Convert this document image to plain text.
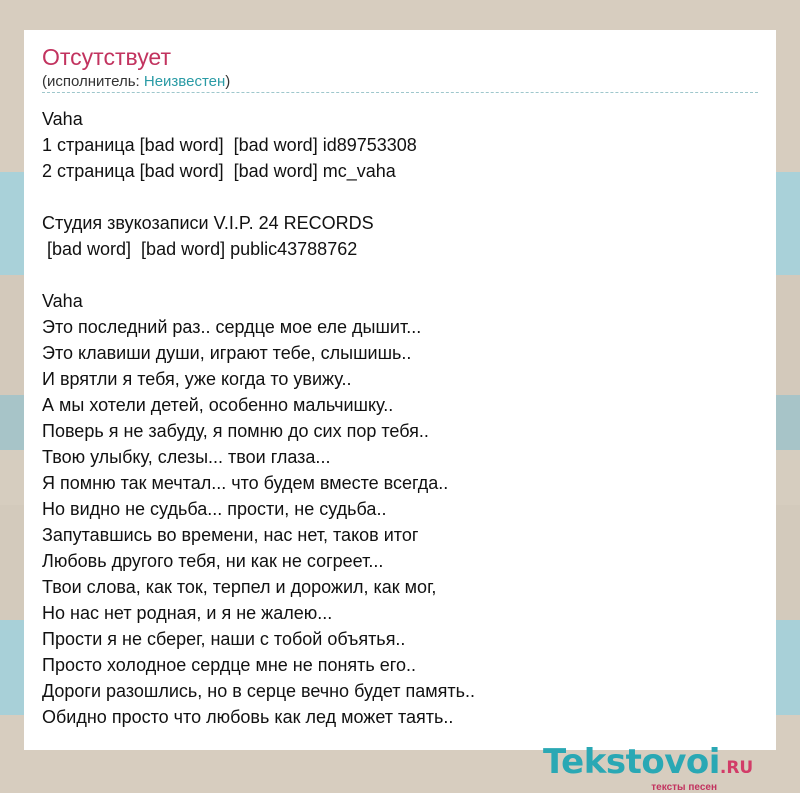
Отсутствует
(исполнитель: Неизвестен)
Vaha
1 страница [bad word]  [bad word] id89753308
2 страница [bad word]  [bad word] mc_vaha
Студия звукозаписи V.I.P. 24 RECORDS
[bad word]  [bad word] public43788762
Vaha
Это последний раз.. сердце мое еле дышит...
Это клавиши души, играют тебе, слышишь..
И врятли я тебя, уже когда то увижу..
А мы хотели детей, особенно мальчишку..
Поверь я не забуду, я помню до сих пор тебя..
Твою улыбку, слезы... твои глаза...
Я помню так мечтал... что будем вместе всегда..
Но видно не судьба... прости, не судьба..
Запутавшись во времени, нас нет, таков итог
Любовь другого тебя, ни как не согреет...
Твои слова, как ток, терпел и дорожил, как мог,
Но нас нет родная, и я не жалею...
Прости я не сберег, наши с тобой объятья..
Просто холодное сердце мне не понять его..
Дороги разошлись, но в серце вечно будет память..
Обидно просто что любовь как лед может таять..
Tekstovoi.RU
тексты песен
